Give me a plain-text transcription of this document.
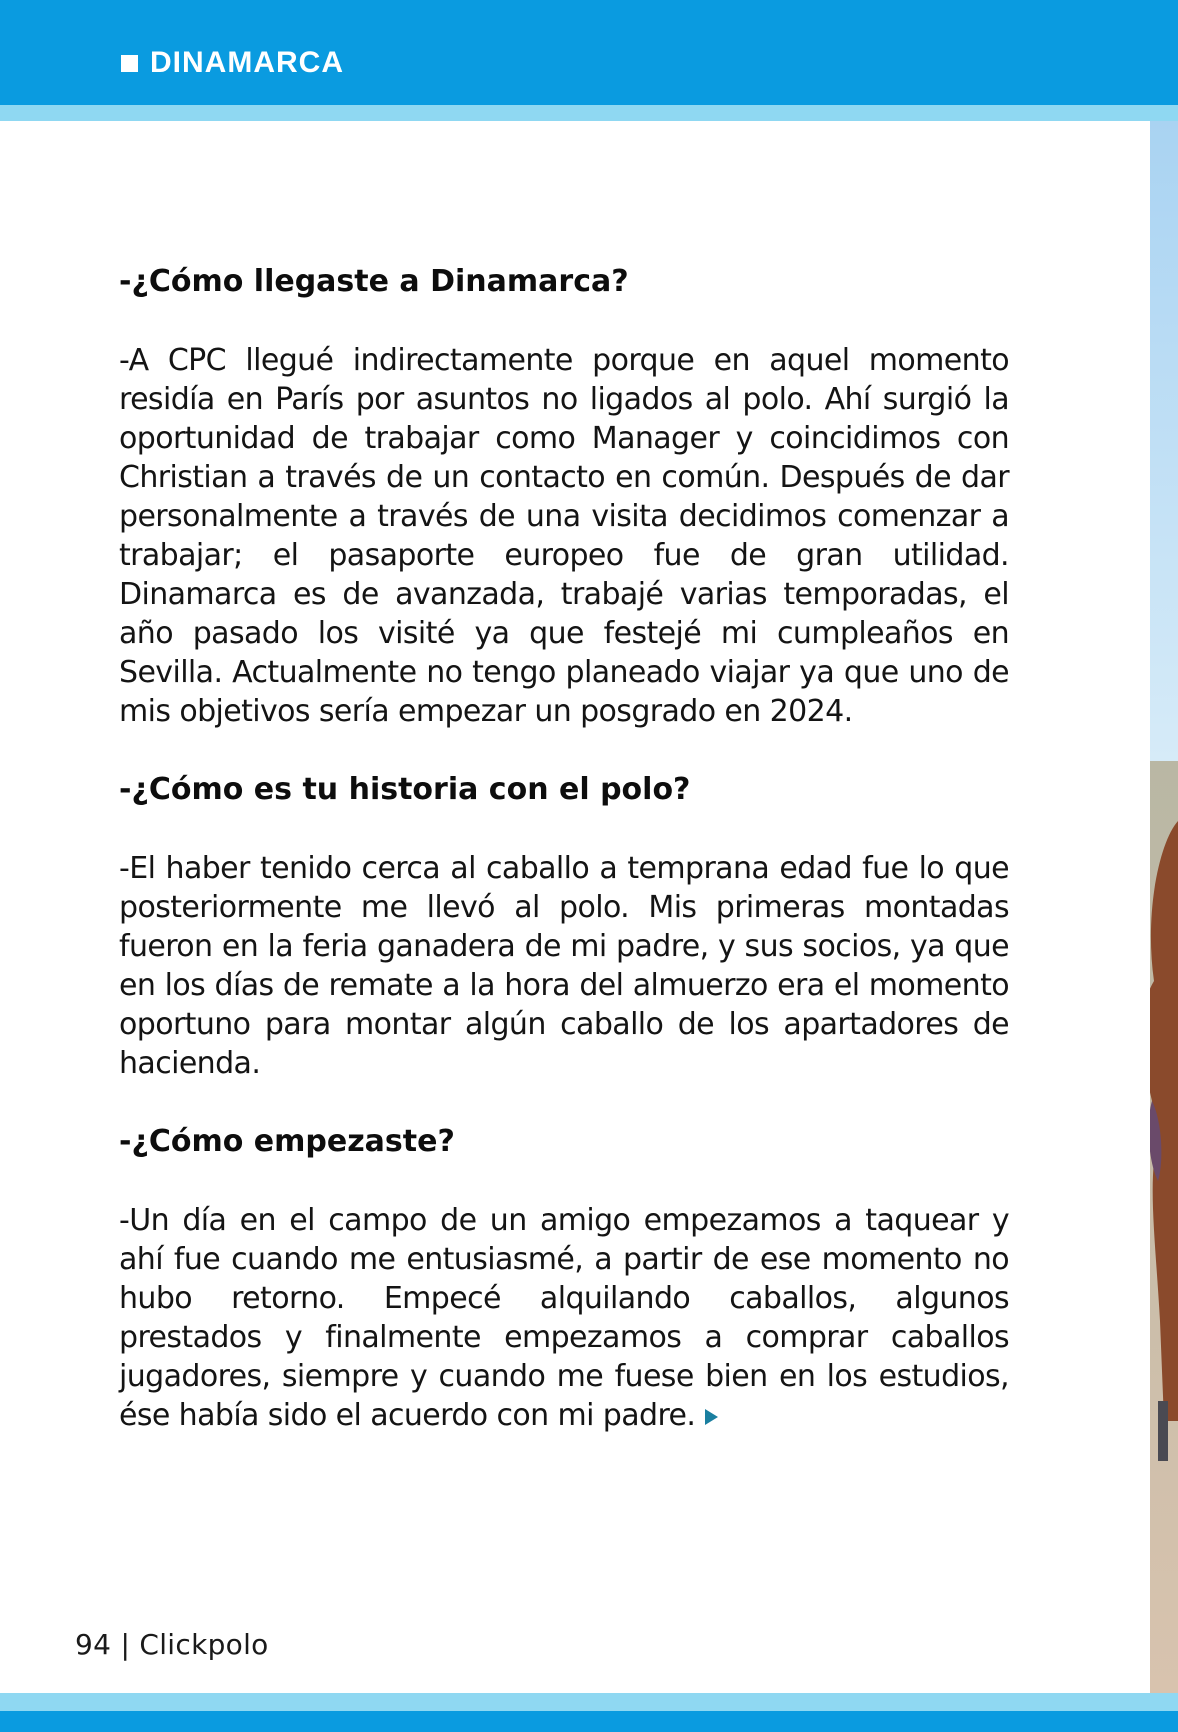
DINAMARCA

-¿Cómo llegaste a Dinamarca?

-A CPC llegué indirectamente porque en aquel momento residía en París por asuntos no ligados al polo. Ahí surgió la oportunidad de trabajar como Manager y coincidimos con Christian a través de un contacto en común. Después de dar personalmente a través de una visita decidimos comenzar a trabajar; el pasaporte europeo fue de gran utilidad. Dinamarca es de avanzada, trabajé varias temporadas, el año pasado los visité ya que festejé mi cumpleaños en Sevilla. Actualmente no tengo planeado viajar ya que uno de mis objetivos sería empezar un posgrado en 2024.

-¿Cómo es tu historia con el polo?

-El haber tenido cerca al caballo a temprana edad fue lo que posteriormente me llevó al polo. Mis primeras montadas fueron en la feria ganadera de mi padre, y sus socios, ya que en los días de remate a la hora del almuerzo era el momento oportuno para montar algún caballo de los apartadores de hacienda.

-¿Cómo empezaste?

-Un día en el campo de un amigo empezamos a taquear y ahí fue cuando me entusiasmé, a partir de ese momento no hubo retorno. Empecé alquilando caballos, algunos prestados y finalmente empezamos a comprar caballos jugadores, siempre y cuando me fuese bien en los estudios, ése había sido el acuerdo con mi padre.

94 | Clickpolo
